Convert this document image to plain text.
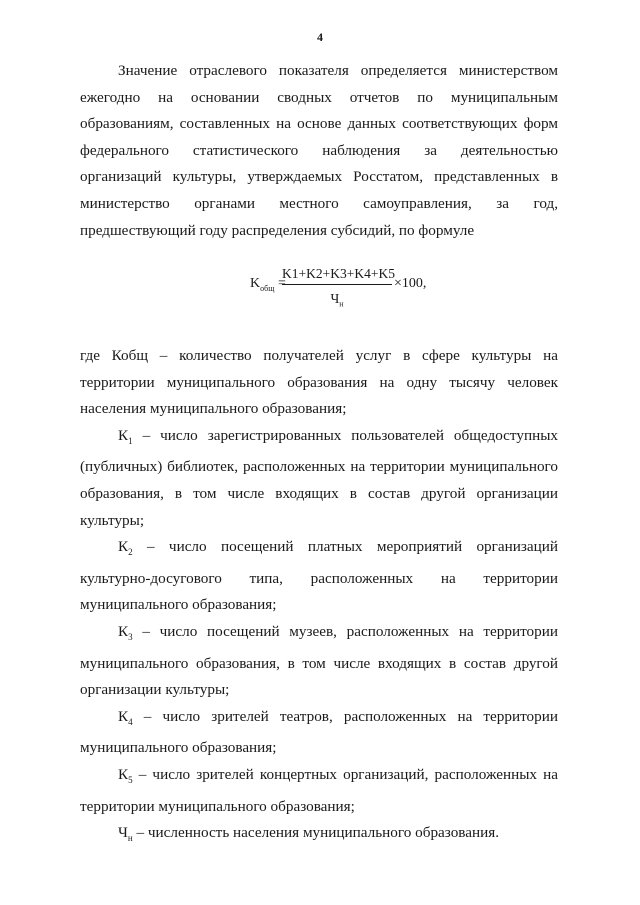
4
Значение отраслевого показателя определяется министерством ежегодно на основании сводных отчетов по муниципальным образованиям, составленных на основе данных соответствующих форм федерального статистического наблюдения за деятельностью организаций культуры, утверждаемых Росстатом, представленных в министерство органами местного самоуправления, за год, предшествующий году распределения субсидий, по формуле
$K_{общ}$ =
K1+K2+K3+K4+K5
$Ч_н$
×100,
где Кобщ – количество получателей услуг в сфере культуры на территории муниципального образования на одну тысячу человек населения муниципального образования;
$К_1$ – число зарегистрированных пользователей общедоступных (публичных) библиотек, расположенных на территории муниципального образования, в том числе входящих в состав другой организации культуры;
$К_2$ – число посещений платных мероприятий организаций культурно-досугового типа, расположенных на территории муниципального образования;
$К_3$ – число посещений музеев, расположенных на территории муниципального образования, в том числе входящих в состав другой организации культуры;
$К_4$ – число зрителей театров, расположенных на территории муниципального образования;
$К_5$ – число зрителей концертных организаций, расположенных на территории муниципального образования;
$Ч_н$ – численность населения муниципального образования.
